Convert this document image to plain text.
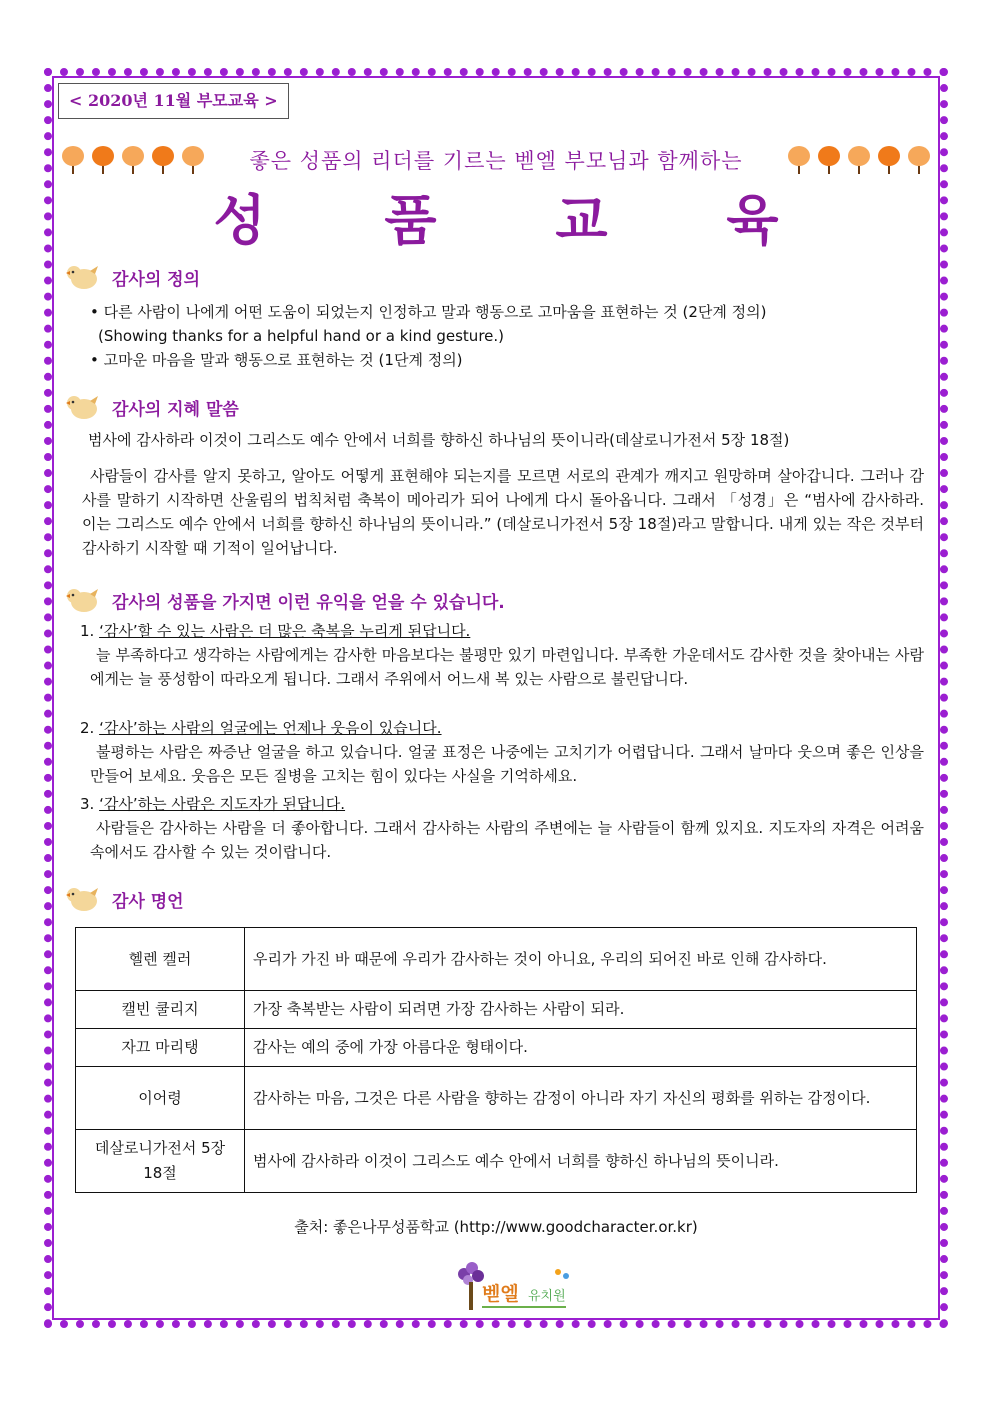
< 2020년 11월 부모교육 >
좋은 성품의 리더를 기르는 벧엘 부모님과 함께하는
성 품 교 육
감사의 정의
• 다른 사람이 나에게 어떤 도움이 되었는지 인정하고 말과 행동으로 고마움을 표현하는 것 (2단계 정의)
(Showing thanks for a helpful hand or a kind gesture.)
• 고마운 마음을 말과 행동으로 표현하는 것 (1단계 정의)
감사의 지혜 말씀
범사에 감사하라 이것이 그리스도 예수 안에서 너희를 향하신 하나님의 뜻이니라(데살로니가전서 5장 18절)
사람들이 감사를 알지 못하고, 알아도 어떻게 표현해야 되는지를 모르면 서로의 관계가 깨지고 원망하며 살아갑니다. 그러나 감사를 말하기 시작하면 산울림의 법칙처럼 축복이 메아리가 되어 나에게 다시 돌아옵니다. 그래서 「성경」은 “범사에 감사하라. 이는 그리스도 예수 안에서 너희를 향하신 하나님의 뜻이니라.” (데살로니가전서 5장 18절)라고 말합니다. 내게 있는 작은 것부터 감사하기 시작할 때 기적이 일어납니다.
감사의 성품을 가지면 이런 유익을 얻을 수 있습니다.
1. ‘감사’할 수 있는 사람은 더 많은 축복을 누리게 된답니다.
늘 부족하다고 생각하는 사람에게는 감사한 마음보다는 불평만 있기 마련입니다. 부족한 가운데서도 감사한 것을 찾아내는 사람에게는 늘 풍성함이 따라오게 됩니다. 그래서 주위에서 어느새 복 있는 사람으로 불린답니다.
2. ‘감사’하는 사람의 얼굴에는 언제나 웃음이 있습니다.
불평하는 사람은 짜증난 얼굴을 하고 있습니다. 얼굴 표정은 나중에는 고치기가 어렵답니다. 그래서 날마다 웃으며 좋은 인상을 만들어 보세요. 웃음은 모든 질병을 고치는 힘이 있다는 사실을 기억하세요.
3. ‘감사’하는 사람은 지도자가 된답니다.
사람들은 감사하는 사람을 더 좋아합니다. 그래서 감사하는 사람의 주변에는 늘 사람들이 함께 있지요. 지도자의 자격은 어려움 속에서도 감사할 수 있는 것이랍니다.
감사 명언
헬렌 켈러	우리가 가진 바 때문에 우리가 감사하는 것이 아니요, 우리의 되어진 바로 인해 감사하다.
캘빈 쿨리지	가장 축복받는 사람이 되려면 가장 감사하는 사람이 되라.
자끄 마리탱	감사는 예의 중에 가장 아름다운 형태이다.
이어령	감사하는 마음, 그것은 다른 사람을 향하는 감정이 아니라 자기 자신의 평화를 위하는 감정이다.
데살로니가전서 5장 18절	범사에 감사하라 이것이 그리스도 예수 안에서 너희를 향하신 하나님의 뜻이니라.
출처: 좋은나무성품학교 (http://www.goodcharacter.or.kr)
벧엘 유치원
